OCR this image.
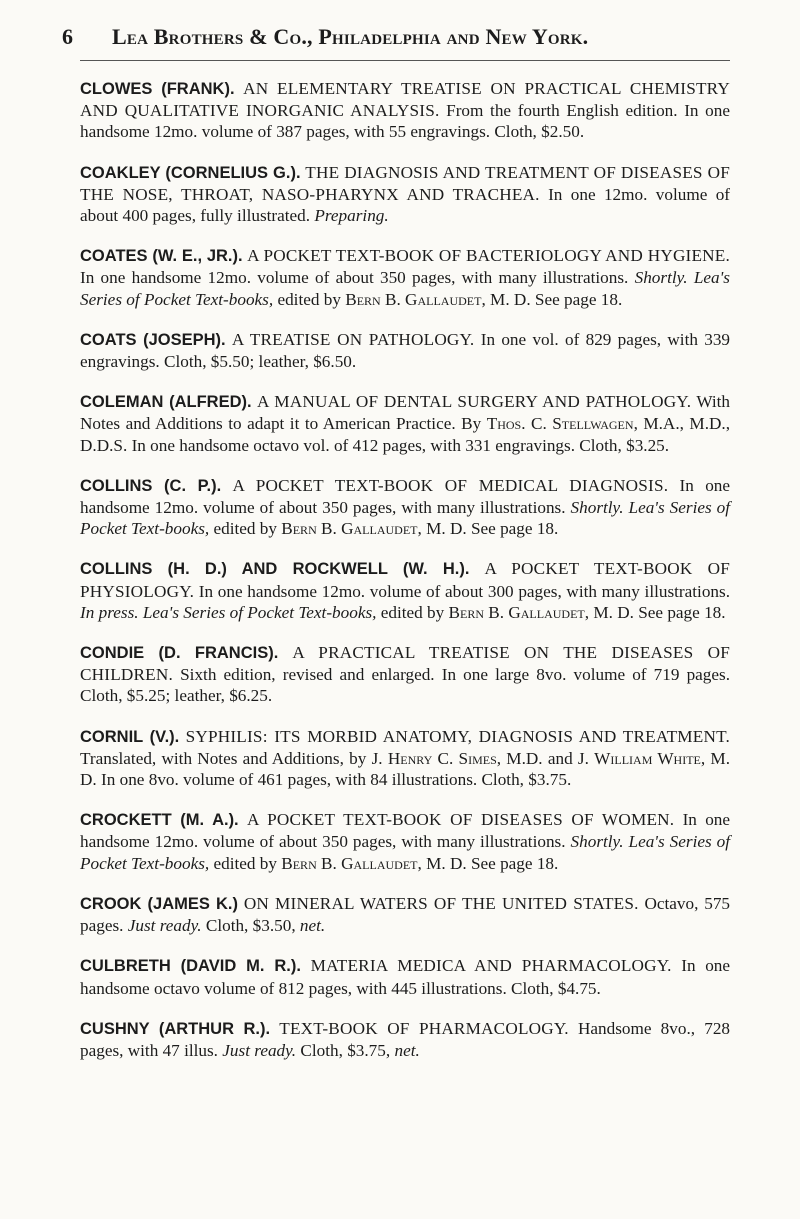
6	Lea Brothers & Co., Philadelphia and New York.

CLOWES (FRANK). AN ELEMENTARY TREATISE ON PRACTICAL CHEMISTRY AND QUALITATIVE INORGANIC ANALYSIS. From the fourth English edition. In one handsome 12mo. volume of 387 pages, with 55 engravings. Cloth, $2.50.

COAKLEY (CORNELIUS G.). THE DIAGNOSIS AND TREATMENT OF DISEASES OF THE NOSE, THROAT, NASO-PHARYNX AND TRACHEA. In one 12mo. volume of about 400 pages, fully illustrated. Preparing.

COATES (W. E., JR.). A POCKET TEXT-BOOK OF BACTERIOLOGY AND HYGIENE. In one handsome 12mo. volume of about 350 pages, with many illustrations. Shortly. Lea's Series of Pocket Text-books, edited by Bern B. Gallaudet, M. D. See page 18.

COATS (JOSEPH). A TREATISE ON PATHOLOGY. In one vol. of 829 pages, with 339 engravings. Cloth, $5.50; leather, $6.50.

COLEMAN (ALFRED). A MANUAL OF DENTAL SURGERY AND PATHOLOGY. With Notes and Additions to adapt it to American Practice. By Thos. C. Stellwagen, M.A., M.D., D.D.S. In one handsome octavo vol. of 412 pages, with 331 engravings. Cloth, $3.25.

COLLINS (C. P.). A POCKET TEXT-BOOK OF MEDICAL DIAGNOSIS. In one handsome 12mo. volume of about 350 pages, with many illustrations. Shortly. Lea's Series of Pocket Text-books, edited by Bern B. Gallaudet, M. D. See page 18.

COLLINS (H. D.) AND ROCKWELL (W. H.). A POCKET TEXT-BOOK OF PHYSIOLOGY. In one handsome 12mo. volume of about 300 pages, with many illustrations. In press. Lea's Series of Pocket Text-books, edited by Bern B. Gallaudet, M. D. See page 18.

CONDIE (D. FRANCIS). A PRACTICAL TREATISE ON THE DISEASES OF CHILDREN. Sixth edition, revised and enlarged. In one large 8vo. volume of 719 pages. Cloth, $5.25; leather, $6.25.

CORNIL (V.). SYPHILIS: ITS MORBID ANATOMY, DIAGNOSIS AND TREATMENT. Translated, with Notes and Additions, by J. Henry C. Simes, M.D. and J. William White, M. D. In one 8vo. volume of 461 pages, with 84 illustrations. Cloth, $3.75.

CROCKETT (M. A.). A POCKET TEXT-BOOK OF DISEASES OF WOMEN. In one handsome 12mo. volume of about 350 pages, with many illustrations. Shortly. Lea's Series of Pocket Text-books, edited by Bern B. Gallaudet, M. D. See page 18.

CROOK (JAMES K.) ON MINERAL WATERS OF THE UNITED STATES. Octavo, 575 pages. Just ready. Cloth, $3.50, net.

CULBRETH (DAVID M. R.). MATERIA MEDICA AND PHARMACOLOGY. In one handsome octavo volume of 812 pages, with 445 illustrations. Cloth, $4.75.

CUSHNY (ARTHUR R.). TEXT-BOOK OF PHARMACOLOGY. Handsome 8vo., 728 pages, with 47 illus. Just ready. Cloth, $3.75, net.
